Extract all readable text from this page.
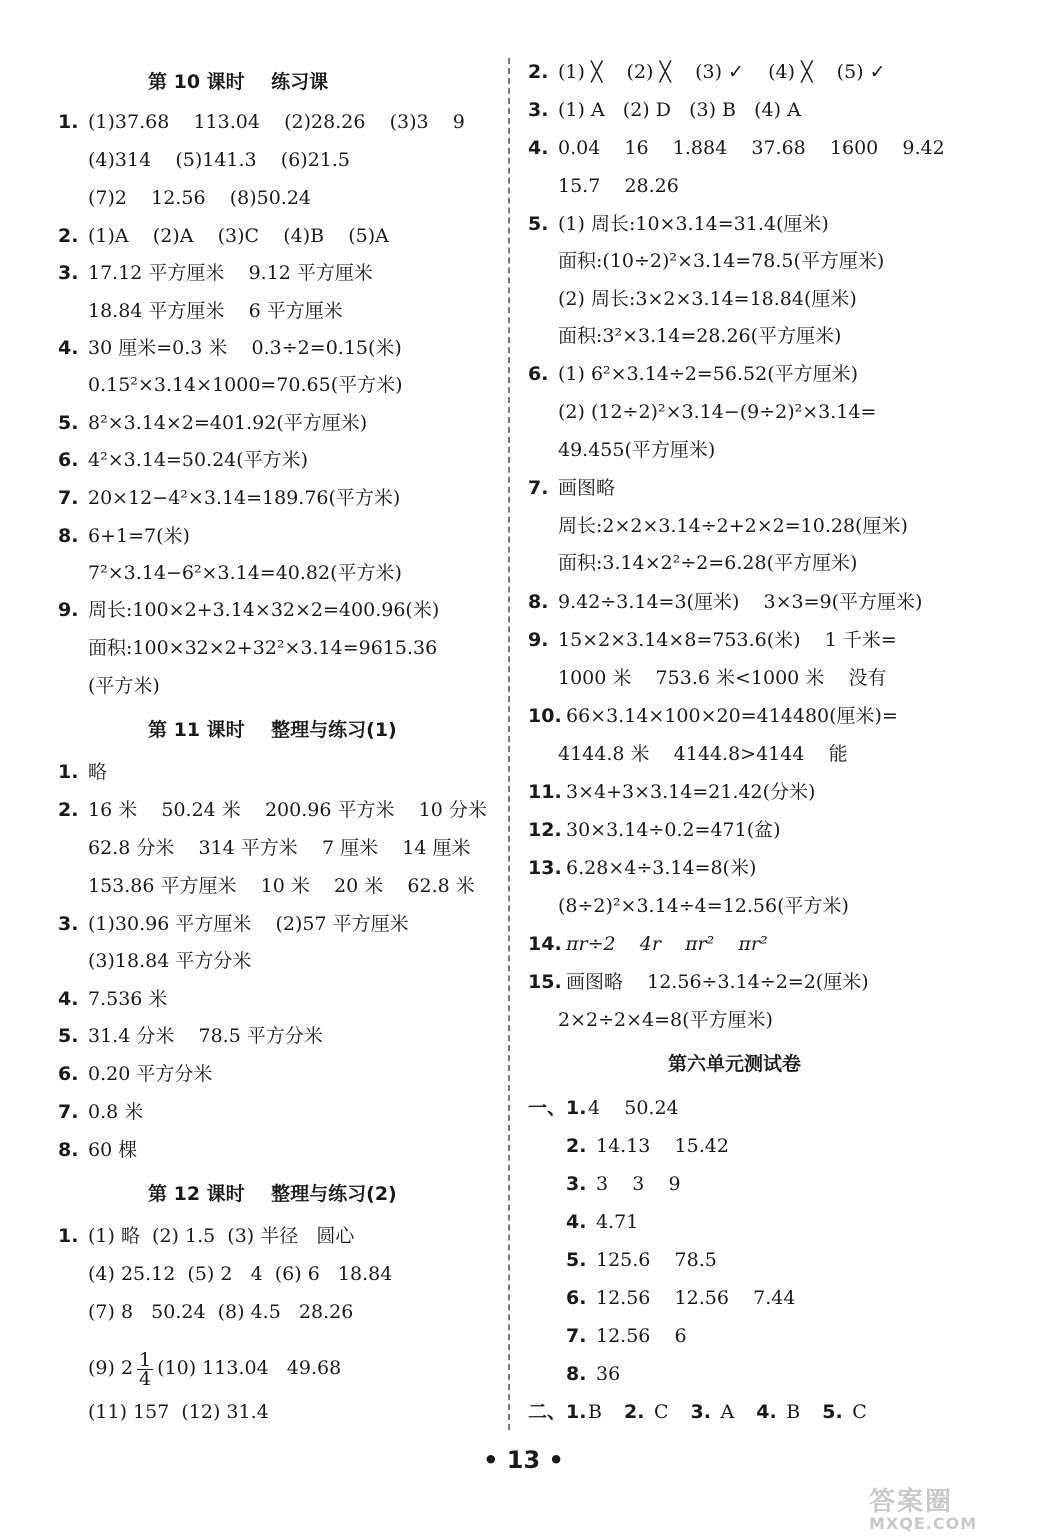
第 10 课时    练习课
1. (1)37.68    113.04    (2)28.26    (3)3    9
(4)314    (5)141.3    (6)21.5
(7)2    12.56    (8)50.24
2. (1)A    (2)A    (3)C    (4)B    (5)A
3. 17.12 平方厘米    9.12 平方厘米
18.84 平方厘米    6 平方厘米
4. 30 厘米=0.3 米    0.3÷2=0.15(米)
0.15²×3.14×1000=70.65(平方米)
5. 8²×3.14×2=401.92(平方厘米)
6. 4²×3.14=50.24(平方米)
7. 20×12−4²×3.14=189.76(平方米)
8. 6+1=7(米)
7²×3.14−6²×3.14=40.82(平方米)
9. 周长:100×2+3.14×32×2=400.96(米)
面积:100×32×2+32²×3.14=9615.36
(平方米)
第 11 课时    整理与练习(1)
1. 略
2. 16 米    50.24 米    200.96 平方米    10 分米
62.8 分米    314 平方米    7 厘米    14 厘米
153.86 平方厘米    10 米    20 米    62.8 米
3. (1)30.96 平方厘米    (2)57 平方厘米
(3)18.84 平方分米
4. 7.536 米
5. 31.4 分米    78.5 平方分米
6. 0.20 平方分米
7. 0.8 米
8. 60 棵
第 12 课时    整理与练习(2)
1. (1) 略  (2) 1.5  (3) 半径   圆心
(4) 25.12  (5) 2   4  (6) 6   18.84
(7) 8   50.24  (8) 4.5   28.26
(9) $2 \frac{1}{4} (10)$ 113.04   49.68
(11) 157  (12) 31.4
2. (1) ╳    (2) ╳    (3) ✓    (4) ╳    (5) ✓
3. (1) A   (2) D   (3) B   (4) A
4. 0.04    16    1.884    37.68    1600    9.42
15.7    28.26
5. (1) 周长:10×3.14=31.4(厘米)
面积:(10÷2)²×3.14=78.5(平方厘米)
(2) 周长:3×2×3.14=18.84(厘米)
面积:3²×3.14=28.26(平方厘米)
6. (1) 6²×3.14÷2=56.52(平方厘米)
(2) (12÷2)²×3.14−(9÷2)²×3.14=
49.455(平方厘米)
7. 画图略
周长:2×2×3.14÷2+2×2=10.28(厘米)
面积:3.14×2²÷2=6.28(平方厘米)
8. 9.42÷3.14=3(厘米)    3×3=9(平方厘米)
9. 15×2×3.14×8=753.6(米)    1 千米=
1000 米    753.6 米<1000 米    没有
10. 66×3.14×100×20=414480(厘米)=
4144.8 米    4144.8>4144    能
11. 3×4+3×3.14=21.42(分米)
12. 30×3.14÷0.2=471(盆)
13. 6.28×4÷3.14=8(米)
(8÷2)²×3.14÷4=12.56(平方米)
14. πr÷2    4r    πr²    πr²
15. 画图略    12.56÷3.14÷2=2(厘米)
2×2÷2×4=8(平方厘米)
第六单元测试卷
一、1.4    50.24
2. 14.13    15.42
3. 3    3    9
4. 4.71
5. 125.6    78.5
6. 12.56    12.56    7.44
7. 12.56    6
8. 36
二、1.B 2. C 3. A 4. B 5. C
• 13 •
答案圈
MXQE.COM
